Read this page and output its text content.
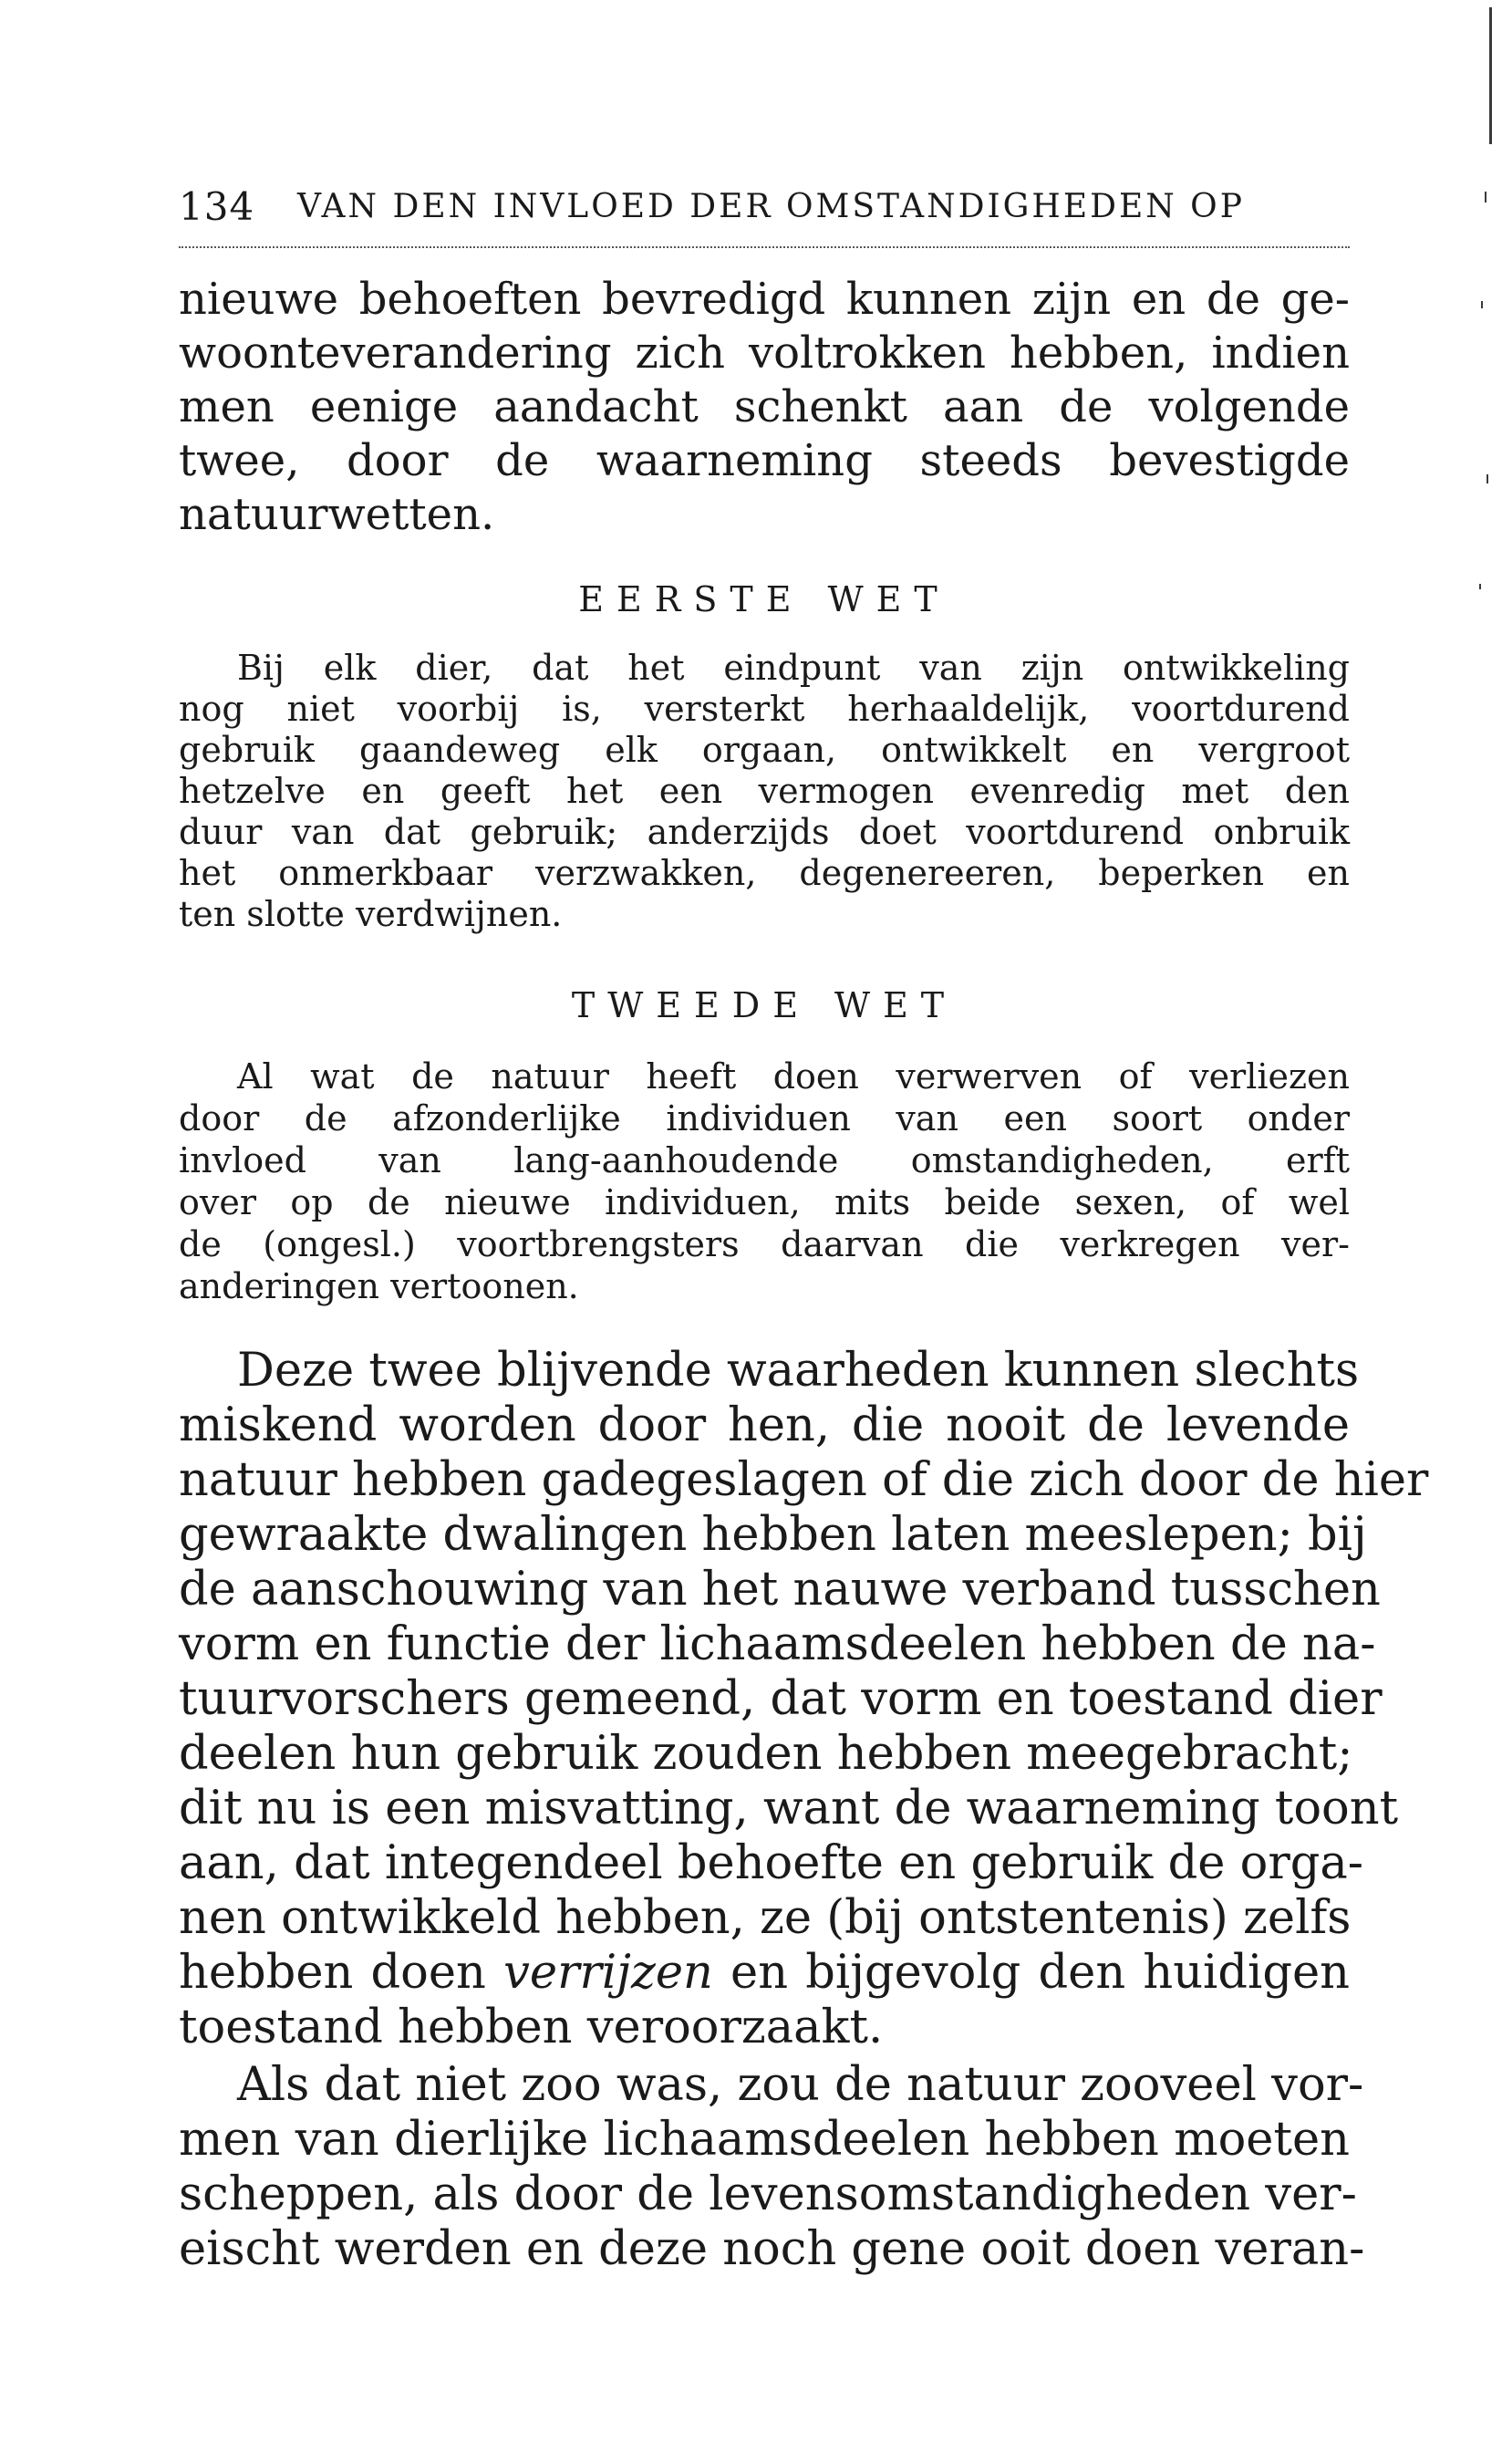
134 VAN DEN INVLOED DER OMSTANDIGHEDEN OP
nieuwe behoeften bevredigd kunnen zijn en de ge-
woonteverandering zich voltrokken hebben, indien
men eenige aandacht schenkt aan de volgende
twee, door de waarneming steeds bevestigde
natuurwetten.
EERSTE WET
Bij elk dier, dat het eindpunt van zijn ontwikkeling
nog niet voorbij is, versterkt herhaaldelijk, voortdurend
gebruik gaandeweg elk orgaan, ontwikkelt en vergroot
hetzelve en geeft het een vermogen evenredig met den
duur van dat gebruik; anderzijds doet voortdurend onbruik
het onmerkbaar verzwakken, degenereeren, beperken en
ten slotte verdwijnen.
TWEEDE WET
Al wat de natuur heeft doen verwerven of verliezen
door de afzonderlijke individuen van een soort onder
invloed van lang-aanhoudende omstandigheden, erft
over op de nieuwe individuen, mits beide sexen, of wel
de (ongesl.) voortbrengsters daarvan die verkregen ver-
anderingen vertoonen.
Deze twee blijvende waarheden kunnen slechts
miskend worden door hen, die nooit de levende
natuur hebben gadegeslagen of die zich door de hier
gewraakte dwalingen hebben laten meeslepen; bij
de aanschouwing van het nauwe verband tusschen
vorm en functie der lichaamsdeelen hebben de na-
tuurvorschers gemeend, dat vorm en toestand dier
deelen hun gebruik zouden hebben meegebracht;
dit nu is een misvatting, want de waarneming toont
aan, dat integendeel behoefte en gebruik de orga-
nen ontwikkeld hebben, ze (bij ontstentenis) zelfs
hebben doen verrijzen en bijgevolg den huidigen
toestand hebben veroorzaakt.
Als dat niet zoo was, zou de natuur zooveel vor-
men van dierlijke lichaamsdeelen hebben moeten
scheppen, als door de levensomstandigheden ver-
eischt werden en deze noch gene ooit doen veran-
